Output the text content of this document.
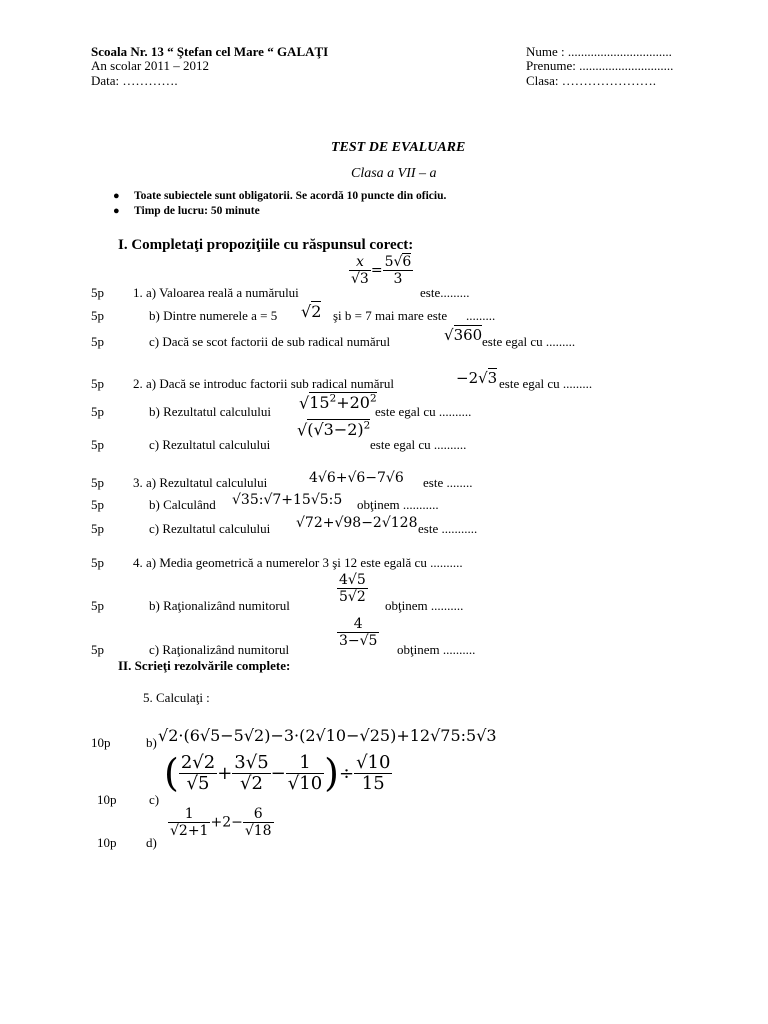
Scoala Nr. 13 “ Ştefan cel Mare “ GALAŢI
An scolar 2011 – 2012
Data: ………….
Nume : ................................
Prenume: .............................
Clasa: ………………….
TEST DE EVALUARE
Clasa a VII – a
● Toate subiectele sunt obligatorii. Se acordă 10 puncte din oficiu.
● Timp de lucru: 50 minute
I. Completaţi propoziţiile cu răspunsul corect:
5p 1. a) Valoarea reală a numărului
$\frac{x}{√3} = \frac{5√6}{3}$
este.........
5p	b) Dintre numerele a = 5 √2 şi b = 7 mai mare este .........
5p	c) Dacă se scot factorii de sub radical numărul	√360 este egal cu .........
5p 2. a) Dacă se introduc factorii sub radical numărul	−2√3 este egal cu .........
5p	b) Rezultatul calculului $√15^2+20^2$
este egal cu ..........
5p	c) Rezultatul calculului
$√(√3-2)^2$
este egal cu ..........
5p 3. a) Rezultatul calculului	4√6+√6−7√6 este ........
5p	b) Calculând √35:√7+15√5:5 obţinem ...........
5p	c) Rezultatul calculului √72+√98−2√128 este ...........
5p 4. a) Media geometrică a numerelor 3 şi 12 este egală cu ..........
5p	b) Raţionalizând numitorul
$\frac{4√5}{5√2}$
obţinem ..........
5p	c) Raţionalizând numitorul
$\frac{4}{3-√5}$
obţinem ..........
II. Scrieţi rezolvările complete:
5. Calculaţi :
10p	b) √2·(6√5−5√2)−3·(2√10−√25)+12√75:5√3
10p	c)
( $\frac{2√2}{√5} + \frac{3√5}{√2} - \frac{1}{√10}$ )÷ $\frac{√10}{15}$
10p d)
$\frac{1}{√2+1} +2- \frac{6}{√18}$
